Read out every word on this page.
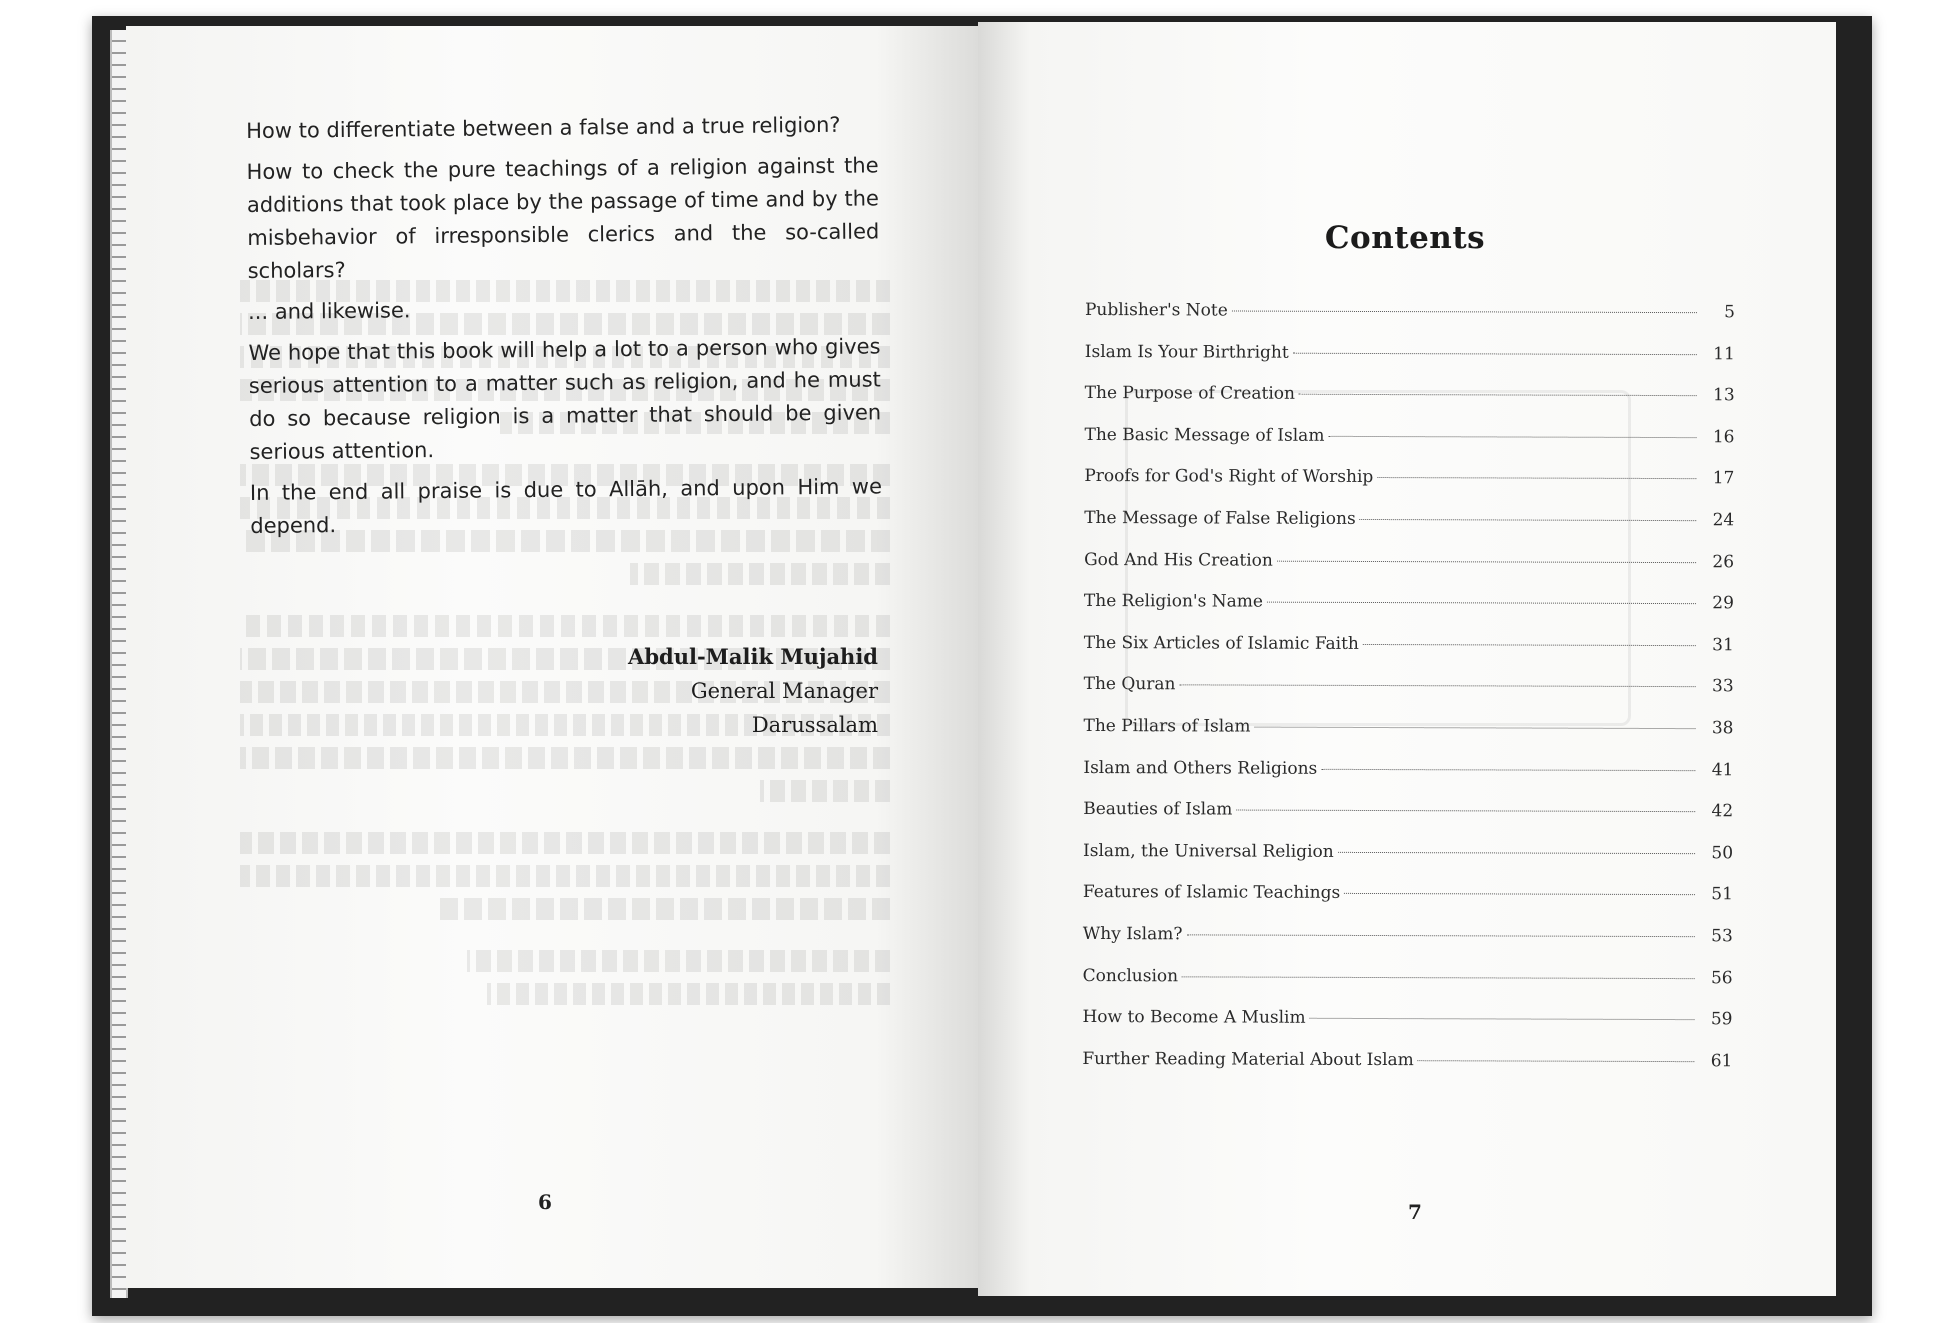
How to differentiate between a false and a true religion?

How to check the pure teachings of a religion against the additions that took place by the passage of time and by the misbehavior of irresponsible clerics and the so-called scholars?

... and likewise.

We hope that this book will help a lot to a person who gives serious attention to a matter such as religion, and he must do so because religion is a matter that should be given serious attention.

In the end all praise is due to Allāh, and upon Him we depend.

Abdul-Malik Mujahid
General Manager
Darussalam
6
Contents
Publisher's Note	5
Islam Is Your Birthright	11
The Purpose of Creation	13
The Basic Message of Islam	16
Proofs for God's Right of Worship	17
The Message of False Religions	24
God And His Creation	26
The Religion's Name	29
The Six Articles of Islamic Faith	31
The Quran	33
The Pillars of Islam	38
Islam and Others Religions	41
Beauties of Islam	42
Islam, the Universal Religion	50
Features of Islamic Teachings	51
Why Islam?	53
Conclusion	56
How to Become A Muslim	59
Further Reading Material About Islam	61
7
